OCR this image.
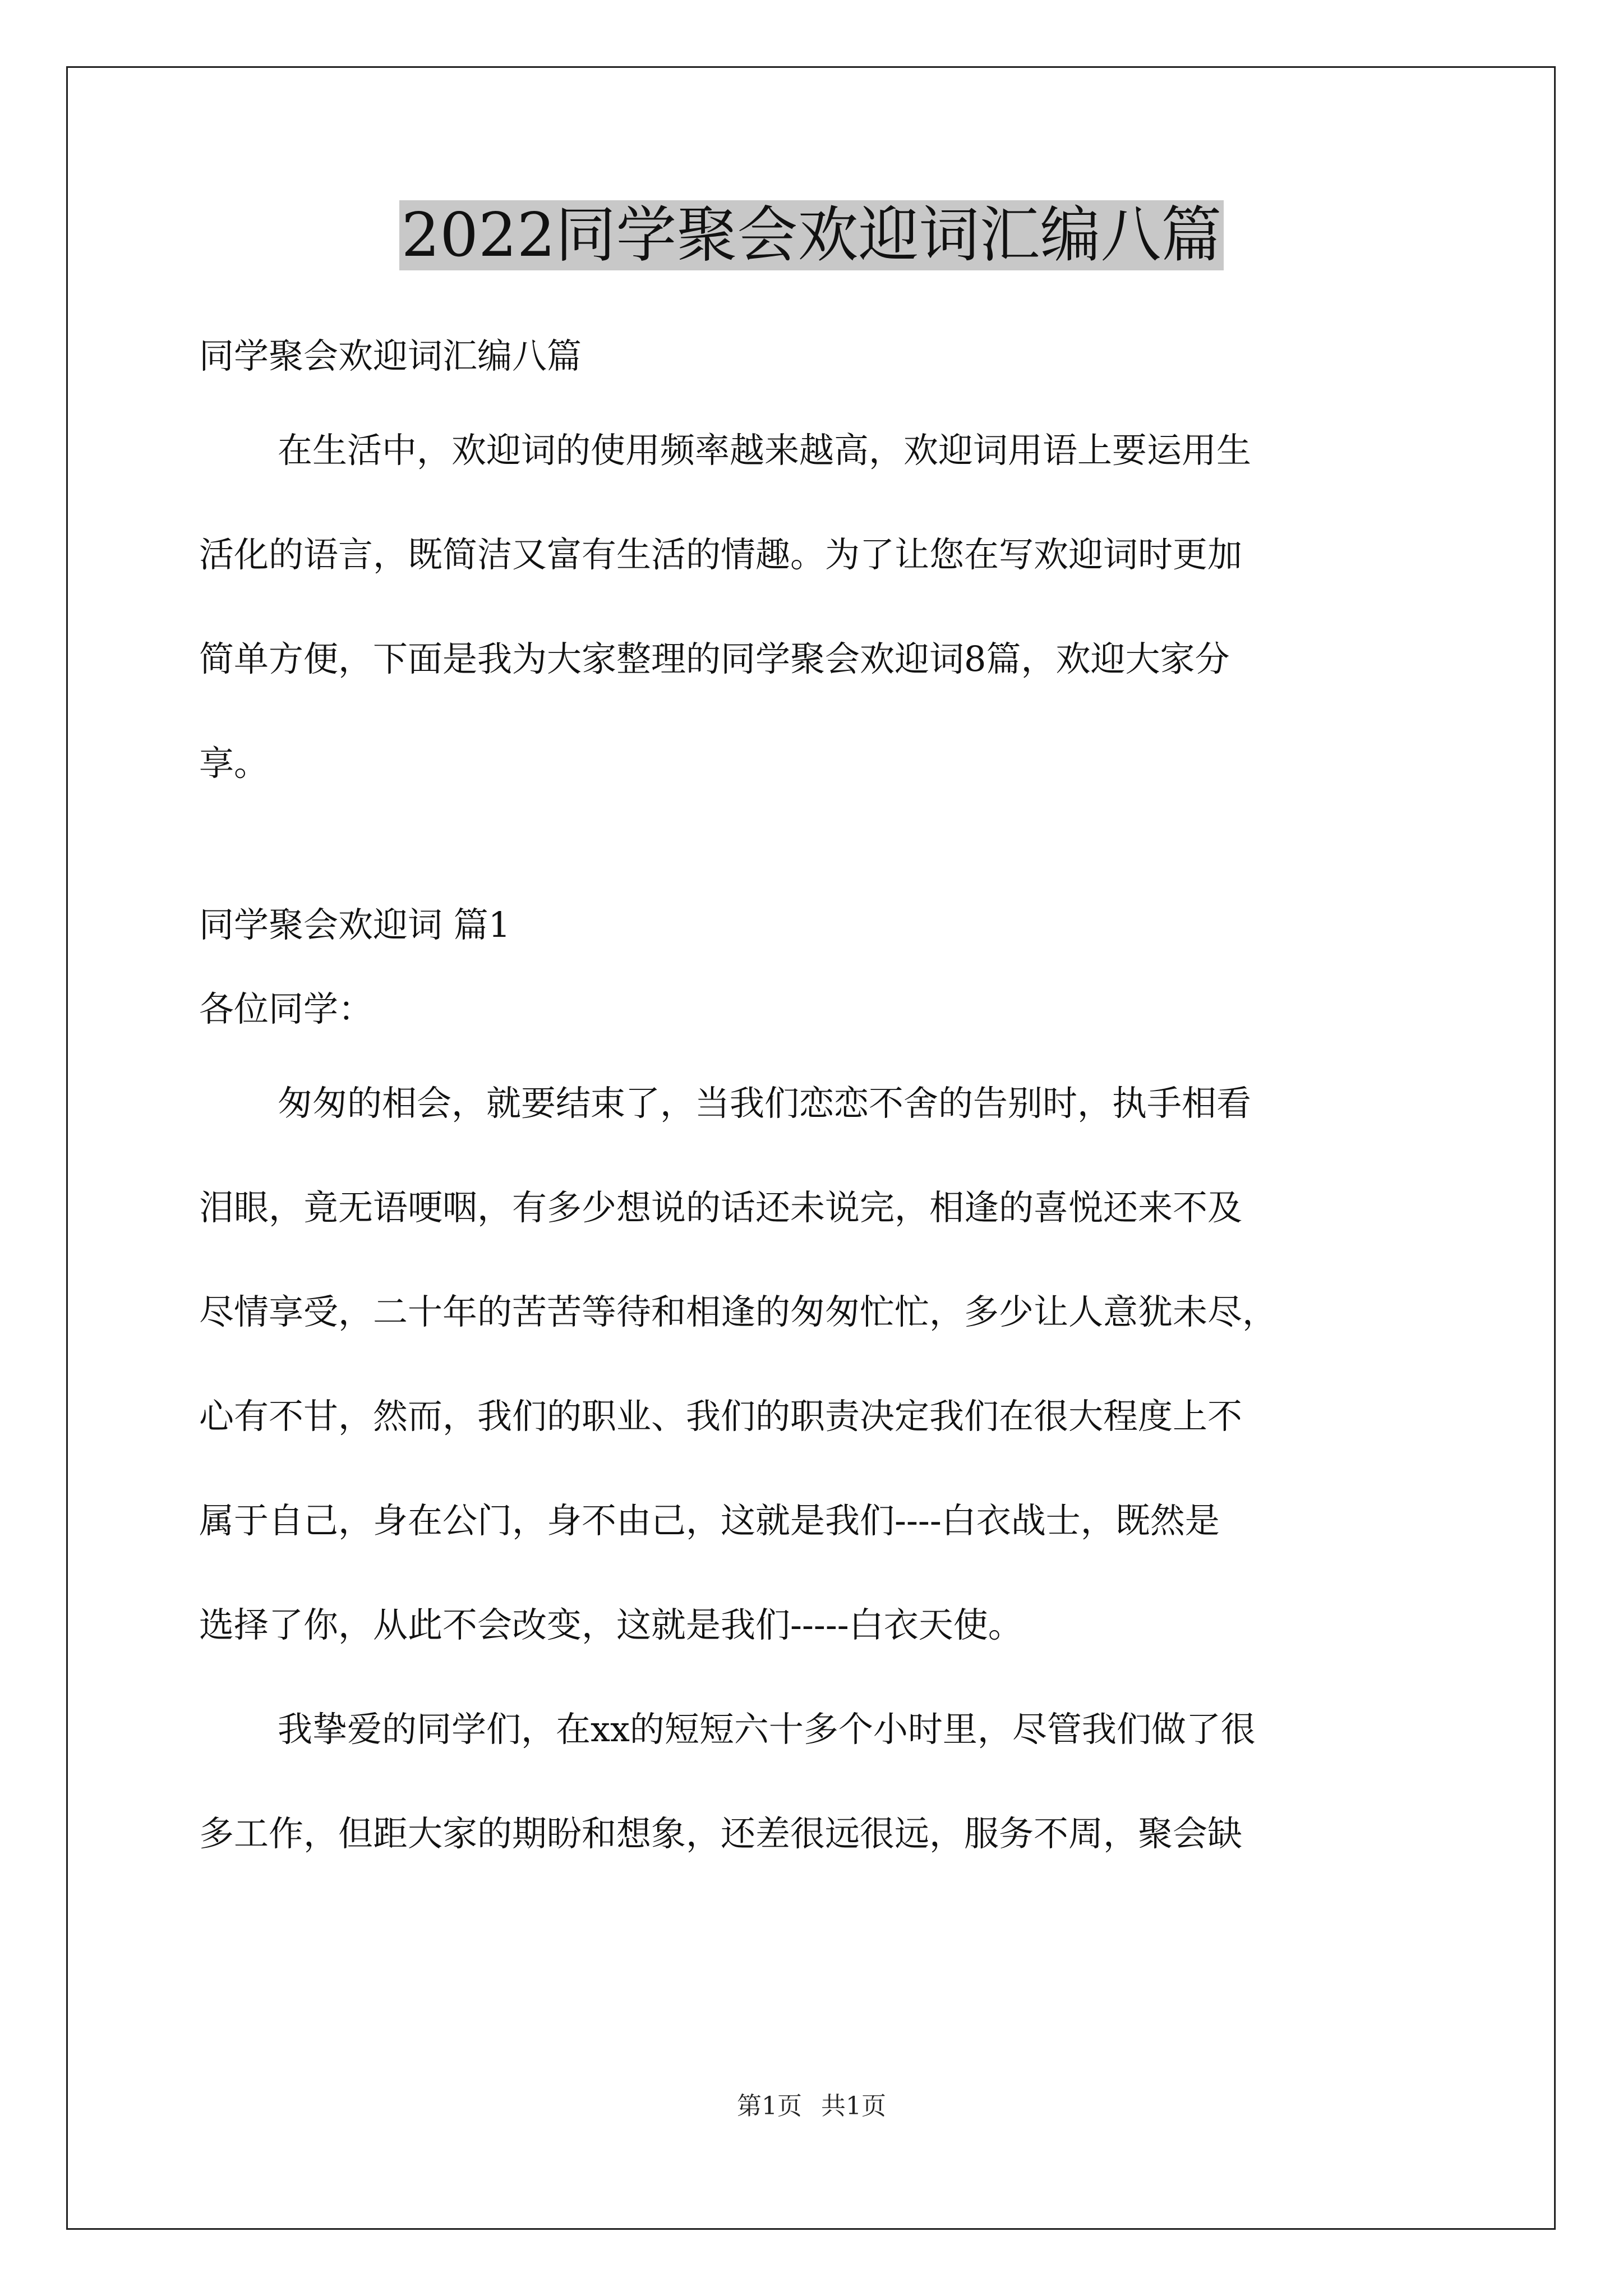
2022同学聚会欢迎词汇编八篇

同学聚会欢迎词汇编八篇

在生活中，欢迎词的使用频率越来越高，欢迎词用语上要运用生
活化的语言，既简洁又富有生活的情趣。为了让您在写欢迎词时更加
简单方便，下面是我为大家整理的同学聚会欢迎词8篇，欢迎大家分
享。

同学聚会欢迎词 篇1

各位同学：

匆匆的相会，就要结束了，当我们恋恋不舍的告别时，执手相看
泪眼，竟无语哽咽，有多少想说的话还未说完，相逢的喜悦还来不及
尽情享受，二十年的苦苦等待和相逢的匆匆忙忙，多少让人意犹未尽，
心有不甘，然而，我们的职业、我们的职责决定我们在很大程度上不
属于自己，身在公门，身不由己，这就是我们----白衣战士，既然是
选择了你，从此不会改变，这就是我们-----白衣天使。
我挚爱的同学们，在xx的短短六十多个小时里，尽管我们做了很
多工作，但距大家的期盼和想象，还差很远很远，服务不周，聚会缺
第1页 共1页
